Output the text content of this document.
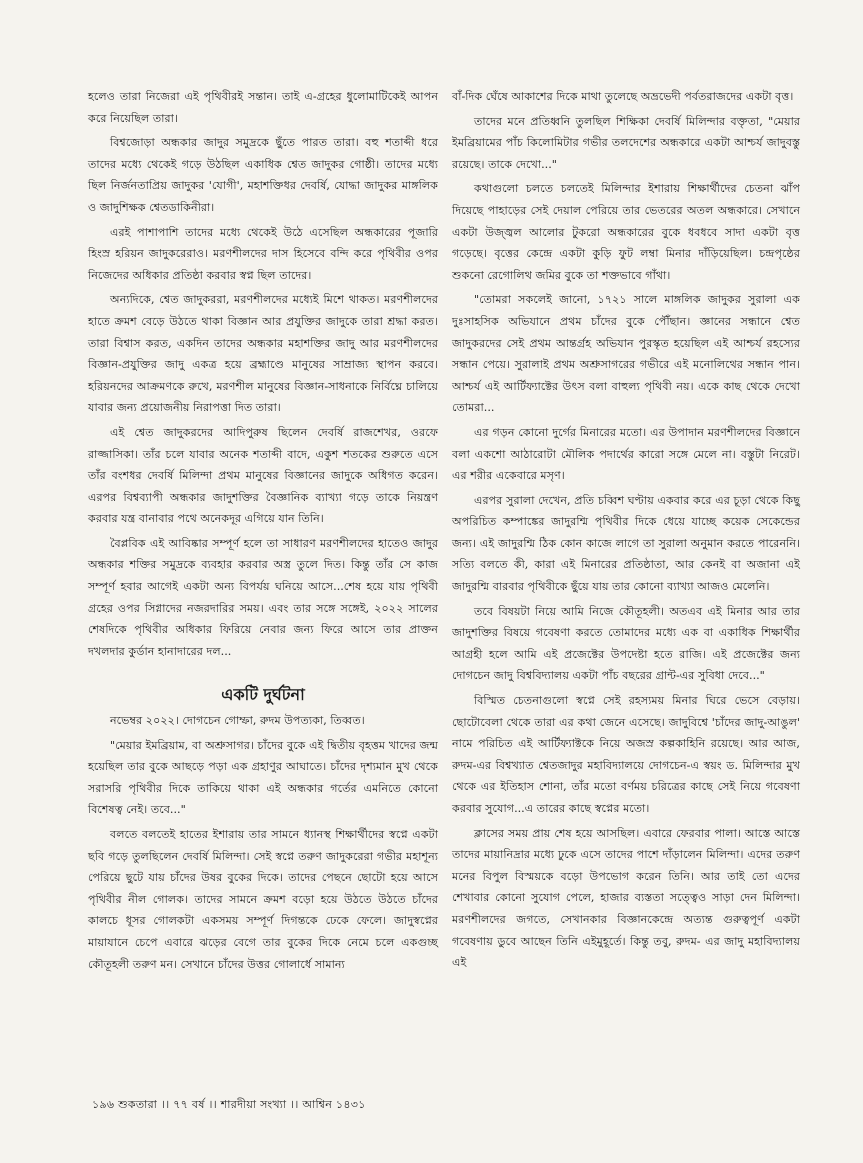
হলেও তারা নিজেরা এই পৃথিবীরই সন্তান। তাই এ-গ্রহের ধুলোমাটিকেই আপন করে নিয়েছিল তারা।

বিশ্বজোড়া অন্ধকার জাদুর সমুদ্রকে ছুঁতে পারত তারা। বহু শতাব্দী ধরে তাদের মধ্যে থেকেই গড়ে উঠছিল একাধিক শ্বেত জাদুকর গোষ্ঠী। তাদের মধ্যে ছিল নির্জনতাপ্রিয় জাদুকর 'যোগী', মহাশক্তিধর দেবর্ষি, যোদ্ধা জাদুকর মাঙ্গলিক ও জাদুশিক্ষক শ্বেতডাকিনীরা।

এরই পাশাপাশি তাদের মধ্যে থেকেই উঠে এসেছিল অন্ধকারের পূজারি হিংস্র হরিয়ন জাদুকরেরাও। মরণশীলদের দাস হিসেবে বন্দি করে পৃথিবীর ওপর নিজেদের অধিকার প্রতিষ্ঠা করবার স্বপ্ন ছিল তাদের।

অন্যদিকে, শ্বেত জাদুকররা, মরণশীলদের মধ্যেই মিশে থাকত। মরণশীলদের হাতে ক্রমশ বেড়ে উঠতে থাকা বিজ্ঞান আর প্রযুক্তির জাদুকে তারা শ্রদ্ধা করত। তারা বিশ্বাস করত, একদিন তাদের অন্ধকার মহাশক্তির জাদু আর মরণশীলদের বিজ্ঞান-প্রযুক্তির জাদু একত্র হয়ে ব্রহ্মাণ্ডে মানুষের সাম্রাজ্য স্থাপন করবে। হরিয়নদের আক্রমণকে রুখে, মরণশীল মানুষের বিজ্ঞান-সাধনাকে নির্বিঘ্নে চালিয়ে যাবার জন্য প্রয়োজনীয় নিরাপত্তা দিত তারা।

এই শ্বেত জাদুকরদের আদিপুরুষ ছিলেন দেবর্ষি রাজশেখর, ওরফে রাজ্জাসিকা। তাঁর চলে যাবার অনেক শতাব্দী বাদে, একুশ শতকের শুরুতে এসে তাঁর বংশধর দেবর্ষি মিলিন্দা প্রথম মানুষের বিজ্ঞানের জাদুকে অধিগত করেন। এরপর বিশ্বব্যাপী অন্ধকার জাদুশক্তির বৈজ্ঞানিক ব্যাখ্যা গড়ে তাকে নিয়ন্ত্রণ করবার যন্ত্র বানাবার পথে অনেকদূর এগিয়ে যান তিনি।

বৈপ্লবিক এই আবিষ্কার সম্পূর্ণ হলে তা সাধারণ মরণশীলদের হাতেও জাদুর অন্ধকার শক্তির সমুদ্রকে ব্যবহার করবার অস্ত্র তুলে দিত। কিন্তু তাঁর সে কাজ সম্পূর্ণ হবার আগেই একটা অন্য বিপর্যয় ঘনিয়ে আসে...শেষ হয়ে যায় পৃথিবী গ্রহের ওপর সিগ্নাদের নজরদারির সময়। এবং তার সঙ্গে সঙ্গেই, ২০২২ সালের শেষদিকে পৃথিবীর অধিকার ফিরিয়ে নেবার জন্য ফিরে আসে তার প্রাক্তন দখলদার কুর্ডান হানাদারের দল...

একটি দুর্ঘটনা

নভেম্বর ২০২২। দোগচেন গোম্ফা, রুদম উপত্যকা, তিব্বত।

"মেয়ার ইমব্রিয়াম, বা অশ্রুসাগর। চাঁদের বুকে এই দ্বিতীয় বৃহত্তম খাদের জন্ম হয়েছিল তার বুকে আছড়ে পড়া এক গ্রহাণুর আঘাতে। চাঁদের দৃশ্যমান মুখ থেকে সরাসরি পৃথিবীর দিকে তাকিয়ে থাকা এই অন্ধকার গর্তের এমনিতে কোনো বিশেষত্ব নেই। তবে..."

বলতে বলতেই হাতের ইশারায় তার সামনে ধ্যানস্থ শিক্ষার্থীদের স্বপ্নে একটা ছবি গড়ে তুলছিলেন দেবর্ষি মিলিন্দা। সেই স্বপ্নে তরুণ জাদুকরেরা গভীর মহাশূন্য পেরিয়ে ছুটে যায় চাঁদের উষর বুকের দিকে। তাদের পেছনে ছোটো হয়ে আসে পৃথিবীর নীল গোলক। তাদের সামনে ক্রমশ বড়ো হয়ে উঠতে উঠতে চাঁদের কালচে ধূসর গোলকটা একসময় সম্পূর্ণ দিগন্তকে ঢেকে ফেলে। জাদুস্বপ্নের মায়াযানে চেপে এবারে ঝড়ের বেগে তার বুকের দিকে নেমে চলে একগুচ্ছ কৌতূহলী তরুণ মন। সেখানে চাঁদের উত্তর গোলার্ধে সামান্য

বাঁ-দিক ঘেঁষে আকাশের দিকে মাথা তুলেছে অভ্রভেদী পর্বতরাজদের একটা বৃত্ত।

তাদের মনে প্রতিধ্বনি তুলছিল শিক্ষিকা দেবর্ষি মিলিন্দার বক্তৃতা, "মেয়ার ইমব্রিয়ামের পাঁচ কিলোমিটার গভীর তলদেশের অন্ধকারে একটা আশ্চর্য জাদুবস্তু রয়েছে। তাকে দেখো..."

কথাগুলো চলতে চলতেই মিলিন্দার ইশারায় শিক্ষার্থীদের চেতনা ঝাঁপ দিয়েছে পাহাড়ের সেই দেয়াল পেরিয়ে তার ভেতরের অতল অন্ধকারে। সেখানে একটা উজ্জ্বল আলোর টুকরো অন্ধকারের বুকে ধবধবে সাদা একটা বৃত্ত গড়েছে। বৃত্তের কেন্দ্রে একটা কুড়ি ফুট লম্বা মিনার দাঁড়িয়েছিল। চন্দ্রপৃষ্ঠের শুকনো রেগোলিথ জমির বুকে তা শক্তভাবে গাঁথা।

"তোমরা সকলেই জানো, ১৭২১ সালে মাঙ্গলিক জাদুকর সুরালা এক দুঃসাহসিক অভিযানে প্রথম চাঁদের বুকে পৌঁছান। জ্ঞানের সন্ধানে শ্বেত জাদুকরদের সেই প্রথম আন্তর্গ্রহ অভিযান পুরস্কৃত হয়েছিল এই আশ্চর্য রহস্যের সন্ধান পেয়ে। সুরালাই প্রথম অশ্রুসাগরের গভীরে এই মনোলিথের সন্ধান পান। আশ্চর্য এই আর্টিফ্যাক্টের উৎস বলা বাহুল্য পৃথিবী নয়। একে কাছ থেকে দেখো তোমরা...

এর গড়ন কোনো দুর্গের মিনারের মতো। এর উপাদান মরণশীলদের বিজ্ঞানে বলা একশো আঠারোটা মৌলিক পদার্থের কারো সঙ্গে মেলে না। বস্তুটা নিরেট। এর শরীর একেবারে মসৃণ।

এরপর সুরালা দেখেন, প্রতি চব্বিশ ঘণ্টায় একবার করে এর চূড়া থেকে কিছু অপরিচিত কম্পাঙ্কের জাদুরশ্মি পৃথিবীর দিকে ধেয়ে যাচ্ছে কয়েক সেকেন্ডের জন্য। এই জাদুরশ্মি ঠিক কোন কাজে লাগে তা সুরালা অনুমান করতে পারেননি। সত্যি বলতে কী, কারা এই মিনারের প্রতিষ্ঠাতা, আর কেনই বা অজানা এই জাদুরশ্মি বারবার পৃথিবীকে ছুঁয়ে যায় তার কোনো ব্যাখ্যা আজও মেলেনি।

তবে বিষয়টা নিয়ে আমি নিজে কৌতূহলী। অতএব এই মিনার আর তার জাদুশক্তির বিষয়ে গবেষণা করতে তোমাদের মধ্যে এক বা একাধিক শিক্ষার্থীর আগ্রহী হলে আমি এই প্রজেক্টের উপদেষ্টা হতে রাজি। এই প্রজেক্টের জন্য দোগচেন জাদু বিশ্ববিদ্যালয় একটা পাঁচ বছরের গ্রান্ট-এর সুবিধা দেবে..."

বিস্মিত চেতনাগুলো স্বপ্নে সেই রহস্যময় মিনার ঘিরে ভেসে বেড়ায়। ছোটোবেলা থেকে তারা এর কথা জেনে এসেছে। জাদুবিশ্বে 'চাঁদের জাদু-আঙুল' নামে পরিচিত এই আর্টিফ্যাক্টকে নিয়ে অজস্র কল্পকাহিনি রয়েছে। আর আজ, রুদম-এর বিশ্বখ্যাত শ্বেতজাদুর মহাবিদ্যালয়ে দোগচেন-এ স্বয়ং ড. মিলিন্দার মুখ থেকে এর ইতিহাস শোনা, তাঁর মতো বর্ণময় চরিত্রের কাছে সেই নিয়ে গবেষণা করবার সুযোগ...এ তারের কাছে স্বপ্নের মতো।

ক্লাসের সময় প্রায় শেষ হয়ে আসছিল। এবারে ফেরবার পালা। আস্তে আস্তে তাদের মায়ানিদ্রার মধ্যে ঢুকে এসে তাদের পাশে দাঁড়ালেন মিলিন্দা। এদের তরুণ মনের বিপুল বিস্ময়কে বড়ো উপভোগ করেন তিনি। আর তাই তো এদের শেখাবার কোনো সুযোগ পেলে, হাজার ব্যস্ততা সত্ত্বেও সাড়া দেন মিলিন্দা। মরণশীলদের জগতে, সেখানকার বিজ্ঞানকেন্দ্রে অত্যন্ত গুরুত্বপূর্ণ একটা গবেষণায় ডুবে আছেন তিনি এইমুহূর্তে। কিন্তু তবু, রুদম- এর জাদু মহাবিদ্যালয় এই

১৯৬ শুকতারা ।। ৭৭ বর্ষ ।। শারদীয়া সংখ্যা ।। আশ্বিন ১৪৩১
